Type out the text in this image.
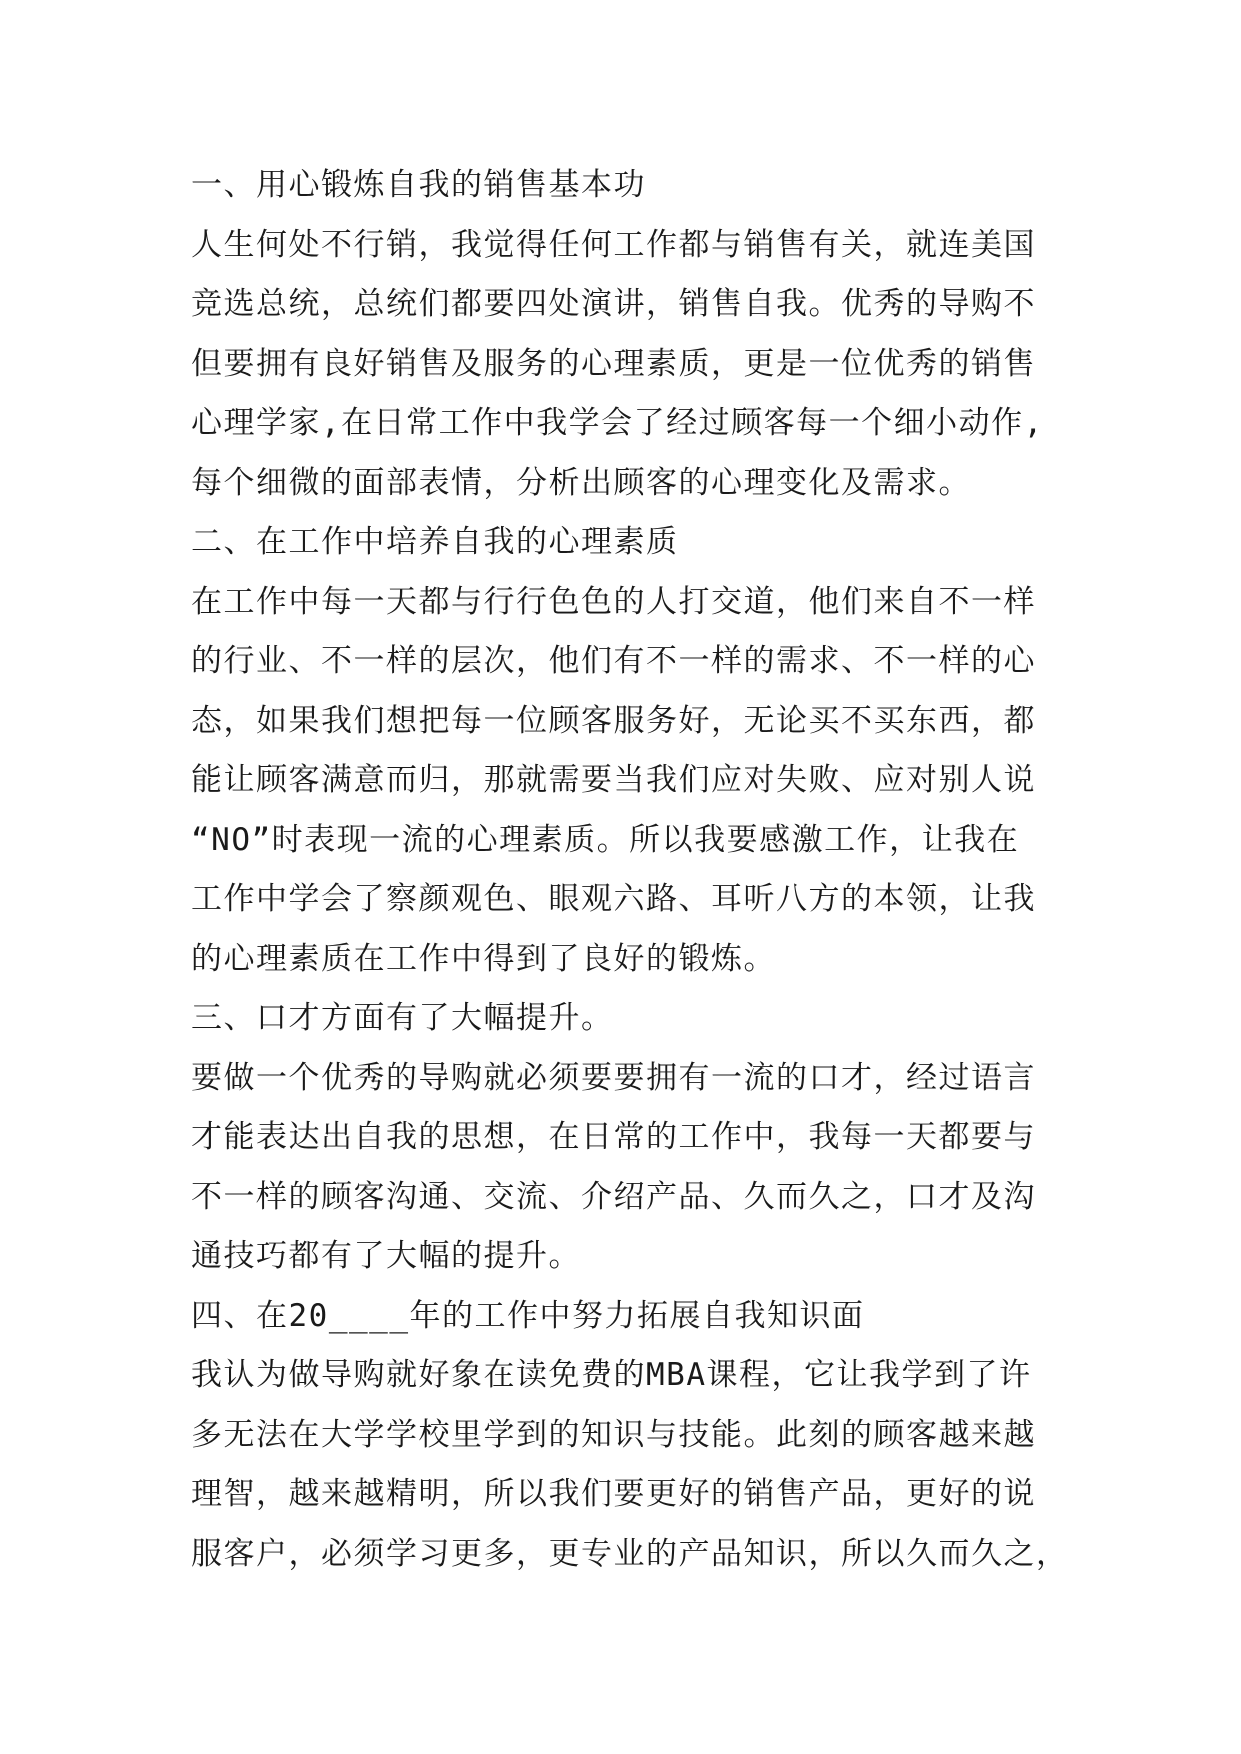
一、用心锻炼自我的销售基本功
人生何处不行销，我觉得任何工作都与销售有关，就连美国
竞选总统，总统们都要四处演讲，销售自我。优秀的导购不
但要拥有良好销售及服务的心理素质，更是一位优秀的销售
心理学家,在日常工作中我学会了经过顾客每一个细小动作,
每个细微的面部表情，分析出顾客的心理变化及需求。
二、在工作中培养自我的心理素质
在工作中每一天都与行行色色的人打交道，他们来自不一样
的行业、不一样的层次，他们有不一样的需求、不一样的心
态，如果我们想把每一位顾客服务好，无论买不买东西，都
能让顾客满意而归，那就需要当我们应对失败、应对别人说
“NO”时表现一流的心理素质。所以我要感激工作，让我在
工作中学会了察颜观色、眼观六路、耳听八方的本领，让我
的心理素质在工作中得到了良好的锻炼。
三、口才方面有了大幅提升。
要做一个优秀的导购就必须要要拥有一流的口才，经过语言
才能表达出自我的思想，在日常的工作中，我每一天都要与
不一样的顾客沟通、交流、介绍产品、久而久之，口才及沟
通技巧都有了大幅的提升。
四、在20____年的工作中努力拓展自我知识面
我认为做导购就好象在读免费的MBA课程，它让我学到了许
多无法在大学学校里学到的知识与技能。此刻的顾客越来越
理智，越来越精明，所以我们要更好的销售产品，更好的说
服客户，必须学习更多，更专业的产品知识，所以久而久之，
